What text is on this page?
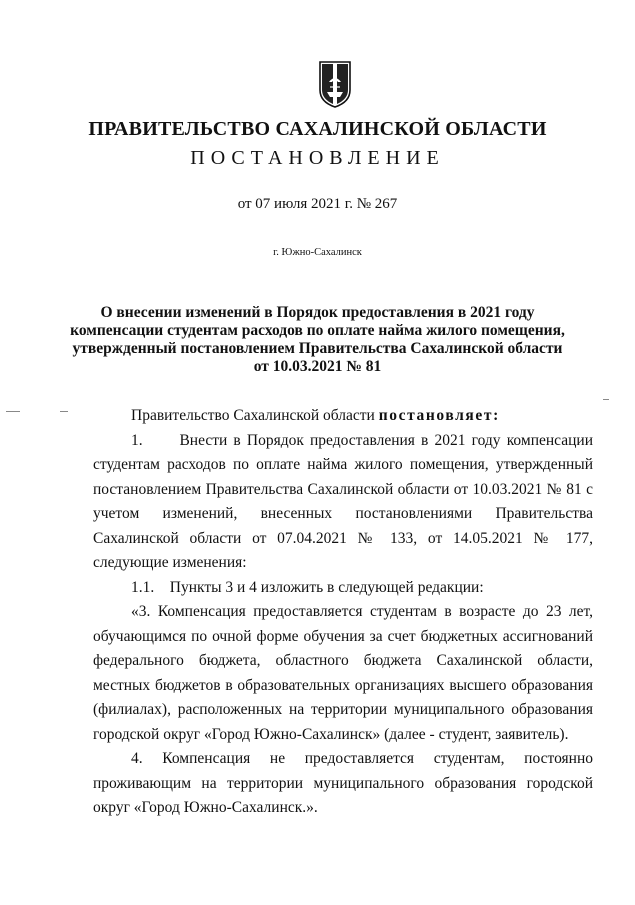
ПРАВИТЕЛЬСТВО САХАЛИНСКОЙ ОБЛАСТИ
ПОСТАНОВЛЕНИЕ
от 07 июля 2021 г. № 267
г. Южно-Сахалинск
О внесении изменений в Порядок предоставления в 2021 году
компенсации студентам расходов по оплате найма жилого помещения,
утвержденный постановлением Правительства Сахалинской области
от 10.03.2021 № 81

Правительство Сахалинской области постановляет:

1.      Внести в Порядок предоставления в 2021 году компенсации студентам расходов по оплате найма жилого помещения, утвержденный постановлением Правительства Сахалинской области от 10.03.2021 № 81 с учетом изменений, внесенных постановлениями Правительства Сахалинской области от 07.04.2021 № 133, от 14.05.2021 № 177, следующие изменения:

1.1.    Пункты 3 и 4 изложить в следующей редакции:

«3. Компенсация предоставляется студентам в возрасте до 23 лет, обучающимся по очной форме обучения за счет бюджетных ассигнований федерального бюджета, областного бюджета Сахалинской области, местных бюджетов в образовательных организациях высшего образования (филиалах), расположенных на территории муниципального образования городской округ «Город Южно-Сахалинск» (далее - студент, заявитель).

4. Компенсация не предоставляется студентам, постоянно проживающим на территории муниципального образования городской округ «Город Южно-Сахалинск.».
